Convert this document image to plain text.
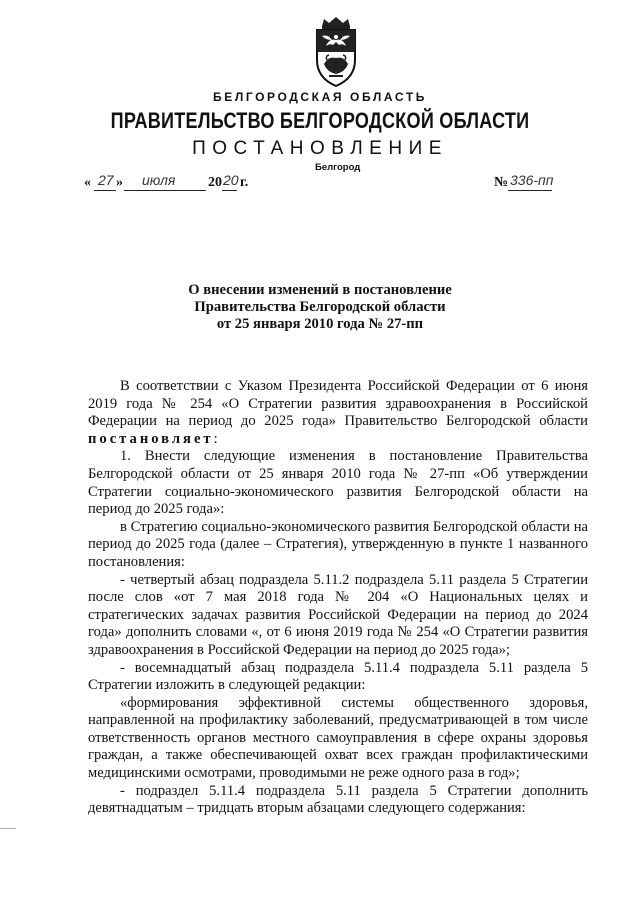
БЕЛГОРОДСКАЯ ОБЛАСТЬ
ПРАВИТЕЛЬСТВО БЕЛГОРОДСКОЙ ОБЛАСТИ
ПОСТАНОВЛЕНИЕ
Белгород
« 27 » июля 20 20 г.	№ 336-пп
О внесении изменений в постановление
Правительства Белгородской области
от 25 января 2010 года № 27-пп

В соответствии с Указом Президента Российской Федерации от 6 июня 2019 года № 254 «О Стратегии развития здравоохранения в Российской Федерации на период до 2025 года» Правительство Белгородской области постановляет:

1. Внести следующие изменения в постановление Правительства Белгородской области от 25 января 2010 года № 27-пп «Об утверждении Стратегии социально-экономического развития Белгородской области на период до 2025 года»:

в Стратегию социально-экономического развития Белгородской области на период до 2025 года (далее – Стратегия), утвержденную в пункте 1 названного постановления:

- четвертый абзац подраздела 5.11.2 подраздела 5.11 раздела 5 Стратегии после слов «от 7 мая 2018 года № 204 «О Национальных целях и стратегических задачах развития Российской Федерации на период до 2024 года» дополнить словами «, от 6 июня 2019 года № 254 «О Стратегии развития здравоохранения в Российской Федерации на период до 2025 года»;

- восемнадцатый абзац подраздела 5.11.4 подраздела 5.11 раздела 5 Стратегии изложить в следующей редакции:

«формирования эффективной системы общественного здоровья, направленной на профилактику заболеваний, предусматривающей в том числе ответственность органов местного самоуправления в сфере охраны здоровья граждан, а также обеспечивающей охват всех граждан профилактическими медицинскими осмотрами, проводимыми не реже одного раза в год»;

- подраздел 5.11.4 подраздела 5.11 раздела 5 Стратегии дополнить девятнадцатым – тридцать вторым абзацами следующего содержания:
